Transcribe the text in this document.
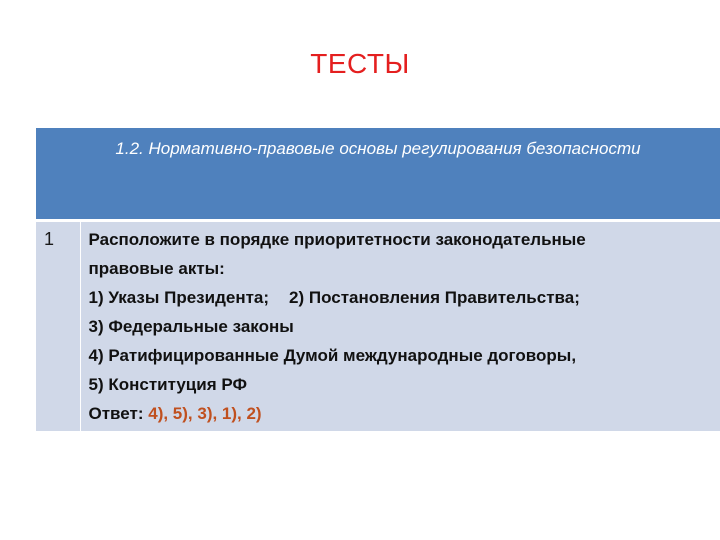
ТЕСТЫ
1.2. Нормативно-правовые основы регулирования безопасности
1	Расположите в порядке приоритетности законодательные
правовые акты:
1) Указы Президента; 2) Постановления Правительства;
3) Федеральные законы
4) Ратифицированные Думой международные договоры,
5) Конституция РФ
Ответ: 4), 5), 3), 1), 2)
